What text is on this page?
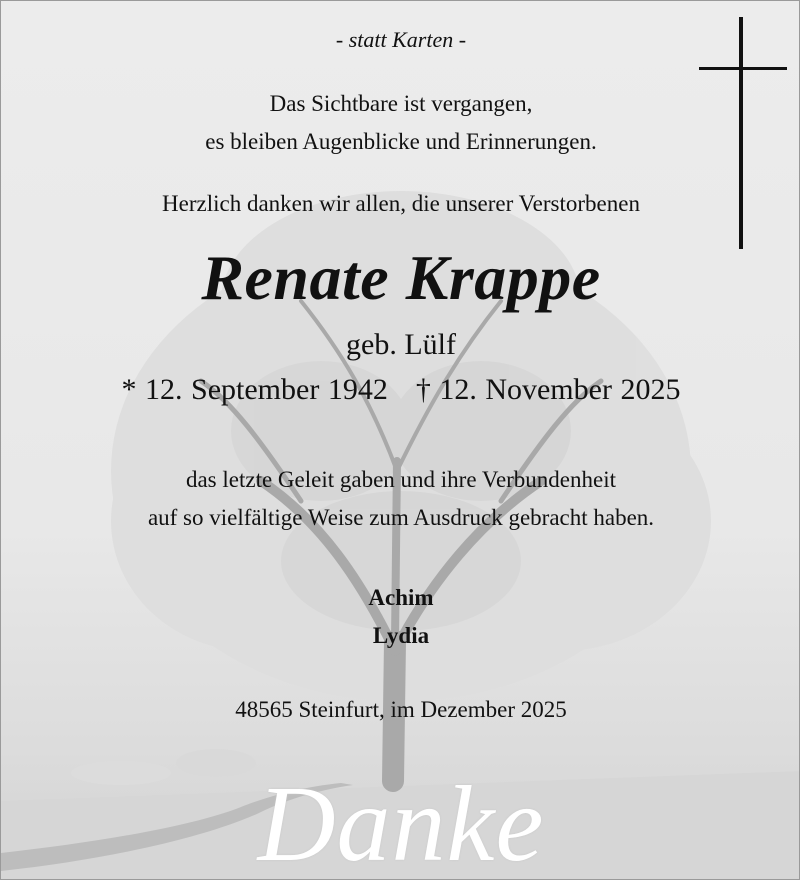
- statt Karten -
Das Sichtbare ist vergangen,
es bleiben Augenblicke und Erinnerungen.
Herzlich danken wir allen, die unserer Verstorbenen
Renate Krappe
geb. Lülf
* 12. September 1942 † 12. November 2025
das letzte Geleit gaben und ihre Verbundenheit
auf so vielfältige Weise zum Ausdruck gebracht haben.
Achim
Lydia
48565 Steinfurt, im Dezember 2025
Danke
